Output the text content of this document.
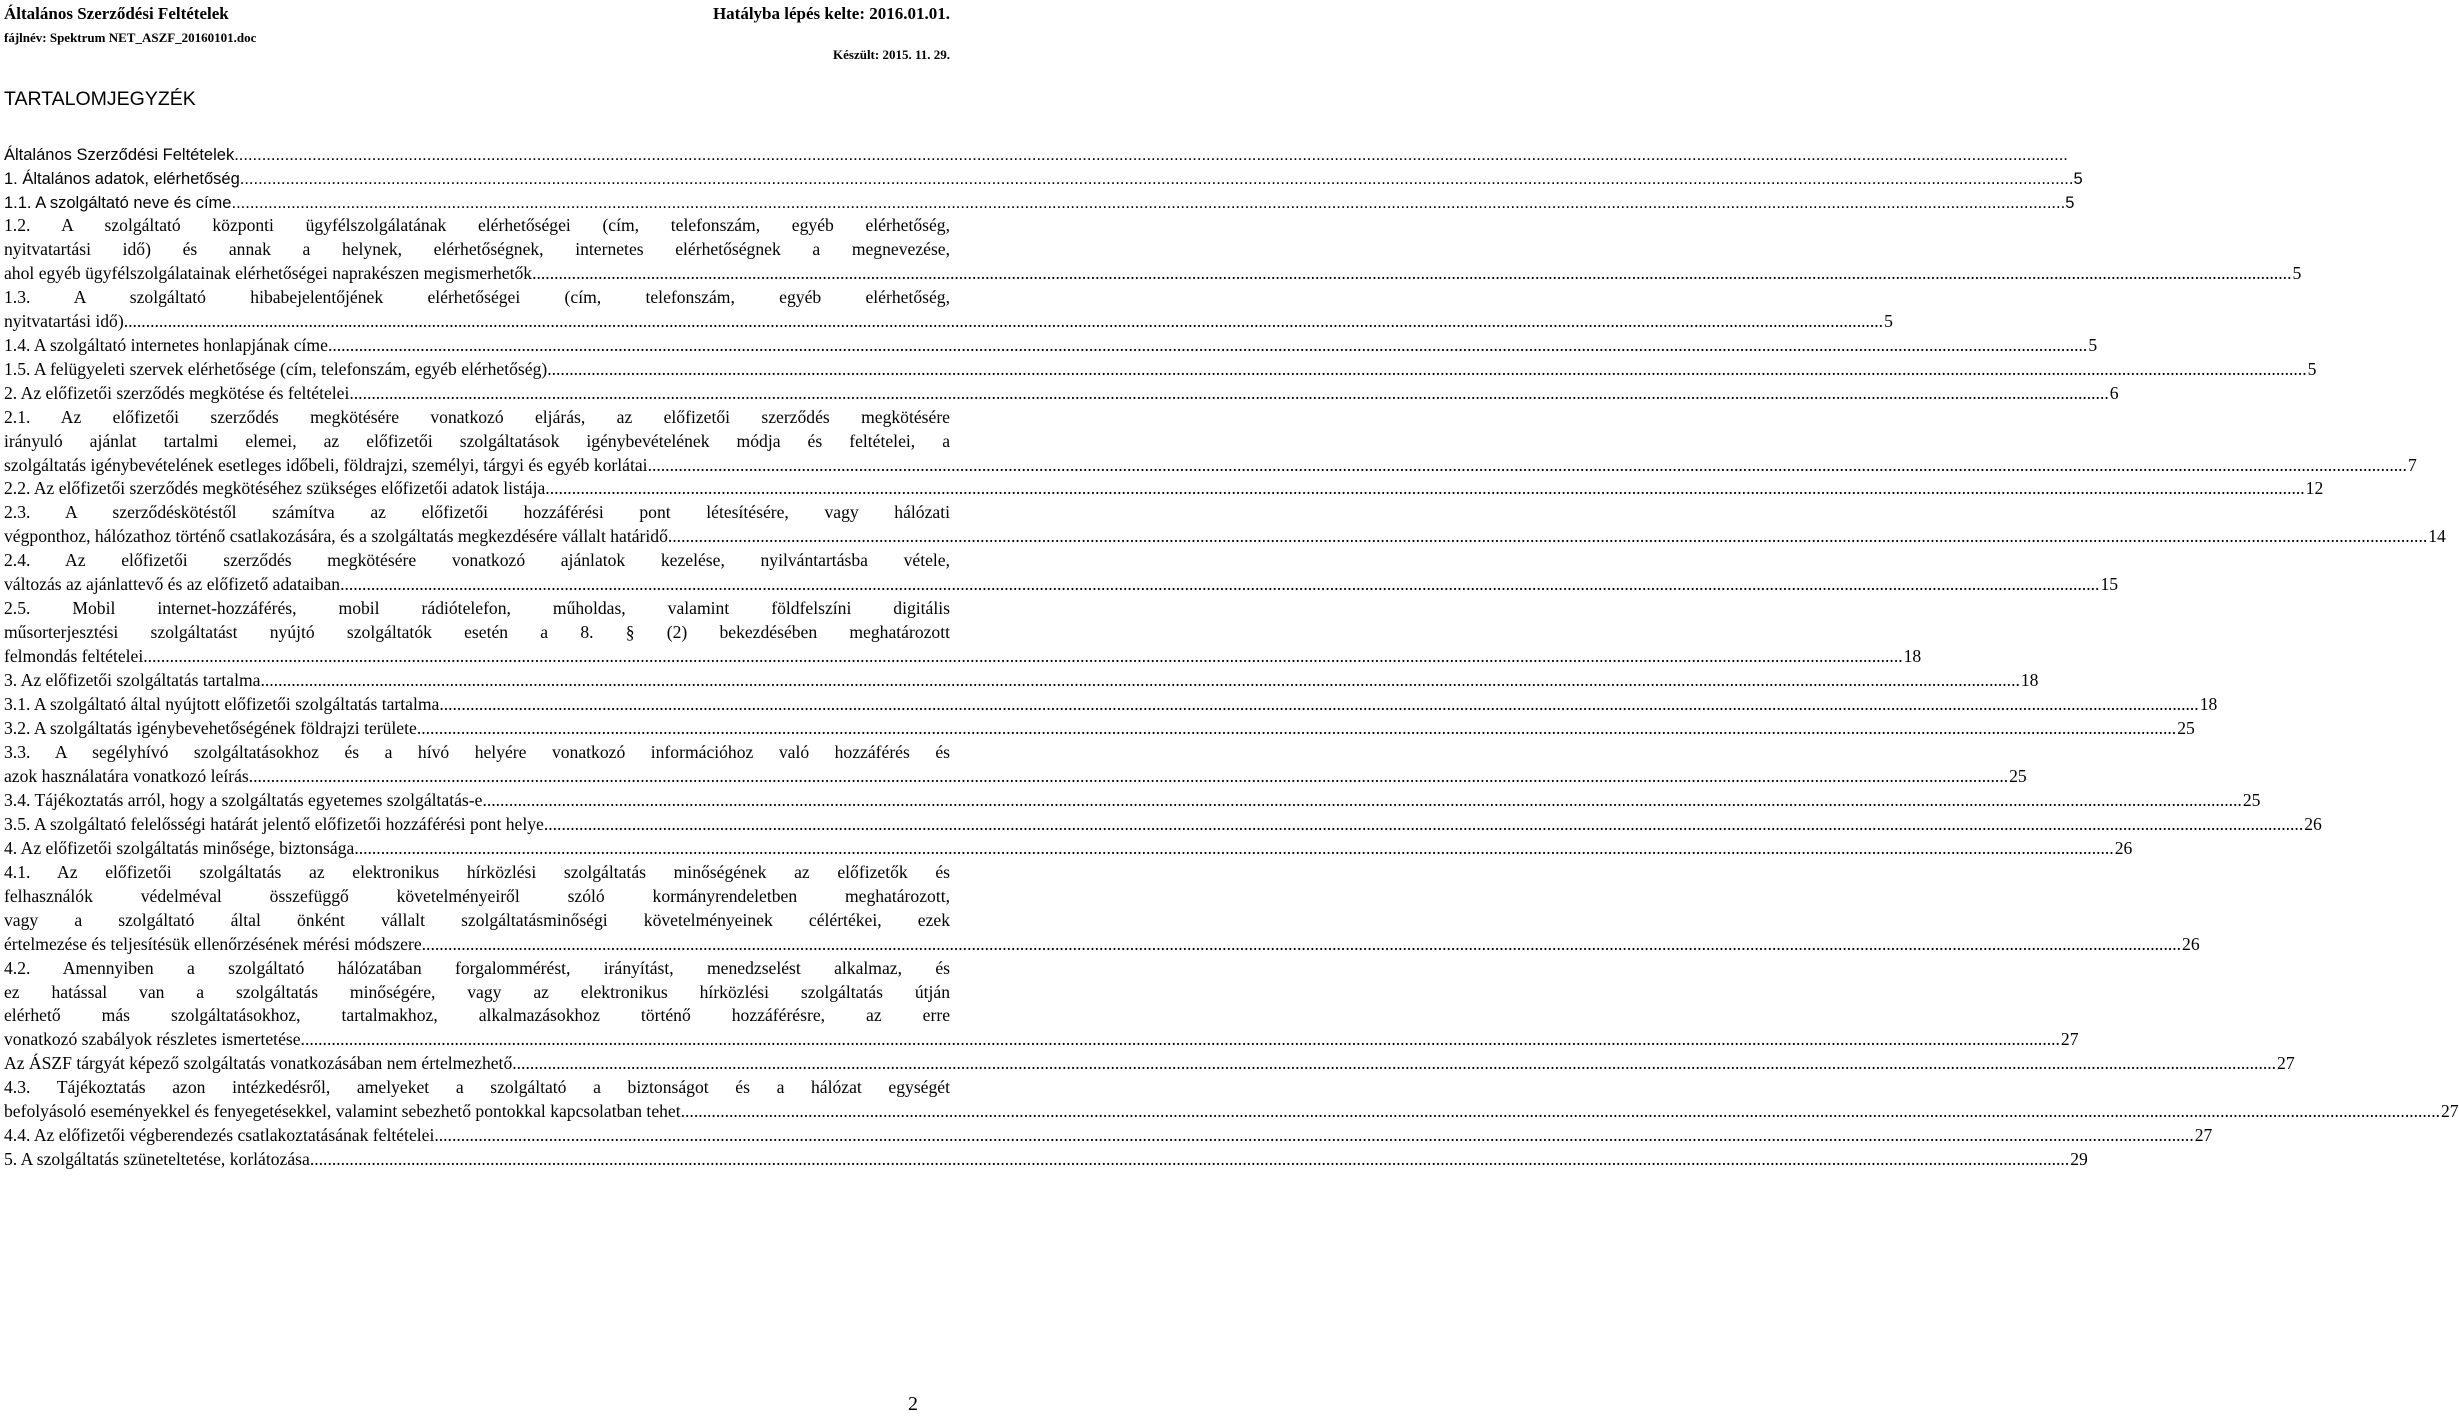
Általános Szerződési Feltételek
fájlnév: Spektrum NET_ASZF_20160101.doc
Hatályba lépés kelte: 2016.01.01.
Készült: 2015. 11. 29.
TARTALOMJEGYZÉK
Általános Szerződési Feltételek ................................................................................................................................................................................................................................................................................................................................................................................................................
1. Általános adatok, elérhetőség ................................................................................................................................................................................................................................................................................................................................................................................................................ 5
1.1. A szolgáltató neve és címe ................................................................................................................................................................................................................................................................................................................................................................................................................ 5
1.2. A szolgáltató központi ügyfélszolgálatának elérhetőségei (cím, telefonszám, egyéb elérhetőség,
nyitvatartási idő) és annak a helynek, elérhetőségnek, internetes elérhetőségnek a megnevezése,
ahol egyéb ügyfélszolgálatainak elérhetőségei naprakészen megismerhetők ................................................................................................................................................................................................................................................................................................................................................................................................................ 5
1.3. A szolgáltató hibabejelentőjének elérhetőségei (cím, telefonszám, egyéb elérhetőség,
nyitvatartási idő) ................................................................................................................................................................................................................................................................................................................................................................................................................ 5
1.4. A szolgáltató internetes honlapjának címe ................................................................................................................................................................................................................................................................................................................................................................................................................ 5
1.5. A felügyeleti szervek elérhetősége (cím, telefonszám, egyéb elérhetőség) ................................................................................................................................................................................................................................................................................................................................................................................................................ 5
2. Az előfizetői szerződés megkötése és feltételei ................................................................................................................................................................................................................................................................................................................................................................................................................ 6
2.1. Az előfizetői szerződés megkötésére vonatkozó eljárás, az előfizetői szerződés megkötésére
irányuló ajánlat tartalmi elemei, az előfizetői szolgáltatások igénybevételének módja és feltételei, a
szolgáltatás igénybevételének esetleges időbeli, földrajzi, személyi, tárgyi és egyéb korlátai ................................................................................................................................................................................................................................................................................................................................................................................................................ 7
2.2. Az előfizetői szerződés megkötéséhez szükséges előfizetői adatok listája ................................................................................................................................................................................................................................................................................................................................................................................................................ 12
2.3. A szerződéskötéstől számítva az előfizetői hozzáférési pont létesítésére, vagy hálózati
végponthoz, hálózathoz történő csatlakozására, és a szolgáltatás megkezdésére vállalt határidő ................................................................................................................................................................................................................................................................................................................................................................................................................ 14
2.4. Az előfizetői szerződés megkötésére vonatkozó ajánlatok kezelése, nyilvántartásba vétele,
változás az ajánlattevő és az előfizető adataiban ................................................................................................................................................................................................................................................................................................................................................................................................................ 15
2.5. Mobil internet-hozzáférés, mobil rádiótelefon, műholdas, valamint földfelszíni digitális
műsorterjesztési szolgáltatást nyújtó szolgáltatók esetén a 8. § (2) bekezdésében meghatározott
felmondás feltételei ................................................................................................................................................................................................................................................................................................................................................................................................................ 18
3. Az előfizetői szolgáltatás tartalma ................................................................................................................................................................................................................................................................................................................................................................................................................ 18
3.1. A szolgáltató által nyújtott előfizetői szolgáltatás tartalma ................................................................................................................................................................................................................................................................................................................................................................................................................ 18
3.2. A szolgáltatás igénybevehetőségének földrajzi területe ................................................................................................................................................................................................................................................................................................................................................................................................................ 25
3.3. A segélyhívó szolgáltatásokhoz és a hívó helyére vonatkozó információhoz való hozzáférés és
azok használatára vonatkozó leírás ................................................................................................................................................................................................................................................................................................................................................................................................................ 25
3.4. Tájékoztatás arról, hogy a szolgáltatás egyetemes szolgáltatás-e ................................................................................................................................................................................................................................................................................................................................................................................................................ 25
3.5. A szolgáltató felelősségi határát jelentő előfizetői hozzáférési pont helye ................................................................................................................................................................................................................................................................................................................................................................................................................ 26
4. Az előfizetői szolgáltatás minősége, biztonsága ................................................................................................................................................................................................................................................................................................................................................................................................................ 26
4.1. Az előfizetői szolgáltatás az elektronikus hírközlési szolgáltatás minőségének az előfizetők és
felhasználók védelméval összefüggő követelményeiről szóló kormányrendeletben meghatározott,
vagy a szolgáltató által önként vállalt szolgáltatásminőségi követelményeinek célértékei, ezek
értelmezése és teljesítésük ellenőrzésének mérési módszere ................................................................................................................................................................................................................................................................................................................................................................................................................ 26
4.2. Amennyiben a szolgáltató hálózatában forgalommérést, irányítást, menedzselést alkalmaz, és
ez hatással van a szolgáltatás minőségére, vagy az elektronikus hírközlési szolgáltatás útján
elérhető más szolgáltatásokhoz, tartalmakhoz, alkalmazásokhoz történő hozzáférésre, az erre
vonatkozó szabályok részletes ismertetése ................................................................................................................................................................................................................................................................................................................................................................................................................ 27
Az ÁSZF tárgyát képező szolgáltatás vonatkozásában nem értelmezhető. ................................................................................................................................................................................................................................................................................................................................................................................................................ 27
4.3. Tájékoztatás azon intézkedésről, amelyeket a szolgáltató a biztonságot és a hálózat egységét
befolyásoló eseményekkel és fenyegetésekkel, valamint sebezhető pontokkal kapcsolatban tehet ................................................................................................................................................................................................................................................................................................................................................................................................................ 27
4.4. Az előfizetői végberendezés csatlakoztatásának feltételei ................................................................................................................................................................................................................................................................................................................................................................................................................ 27
5. A szolgáltatás szüneteltetése, korlátozása ................................................................................................................................................................................................................................................................................................................................................................................................................ 29
2
